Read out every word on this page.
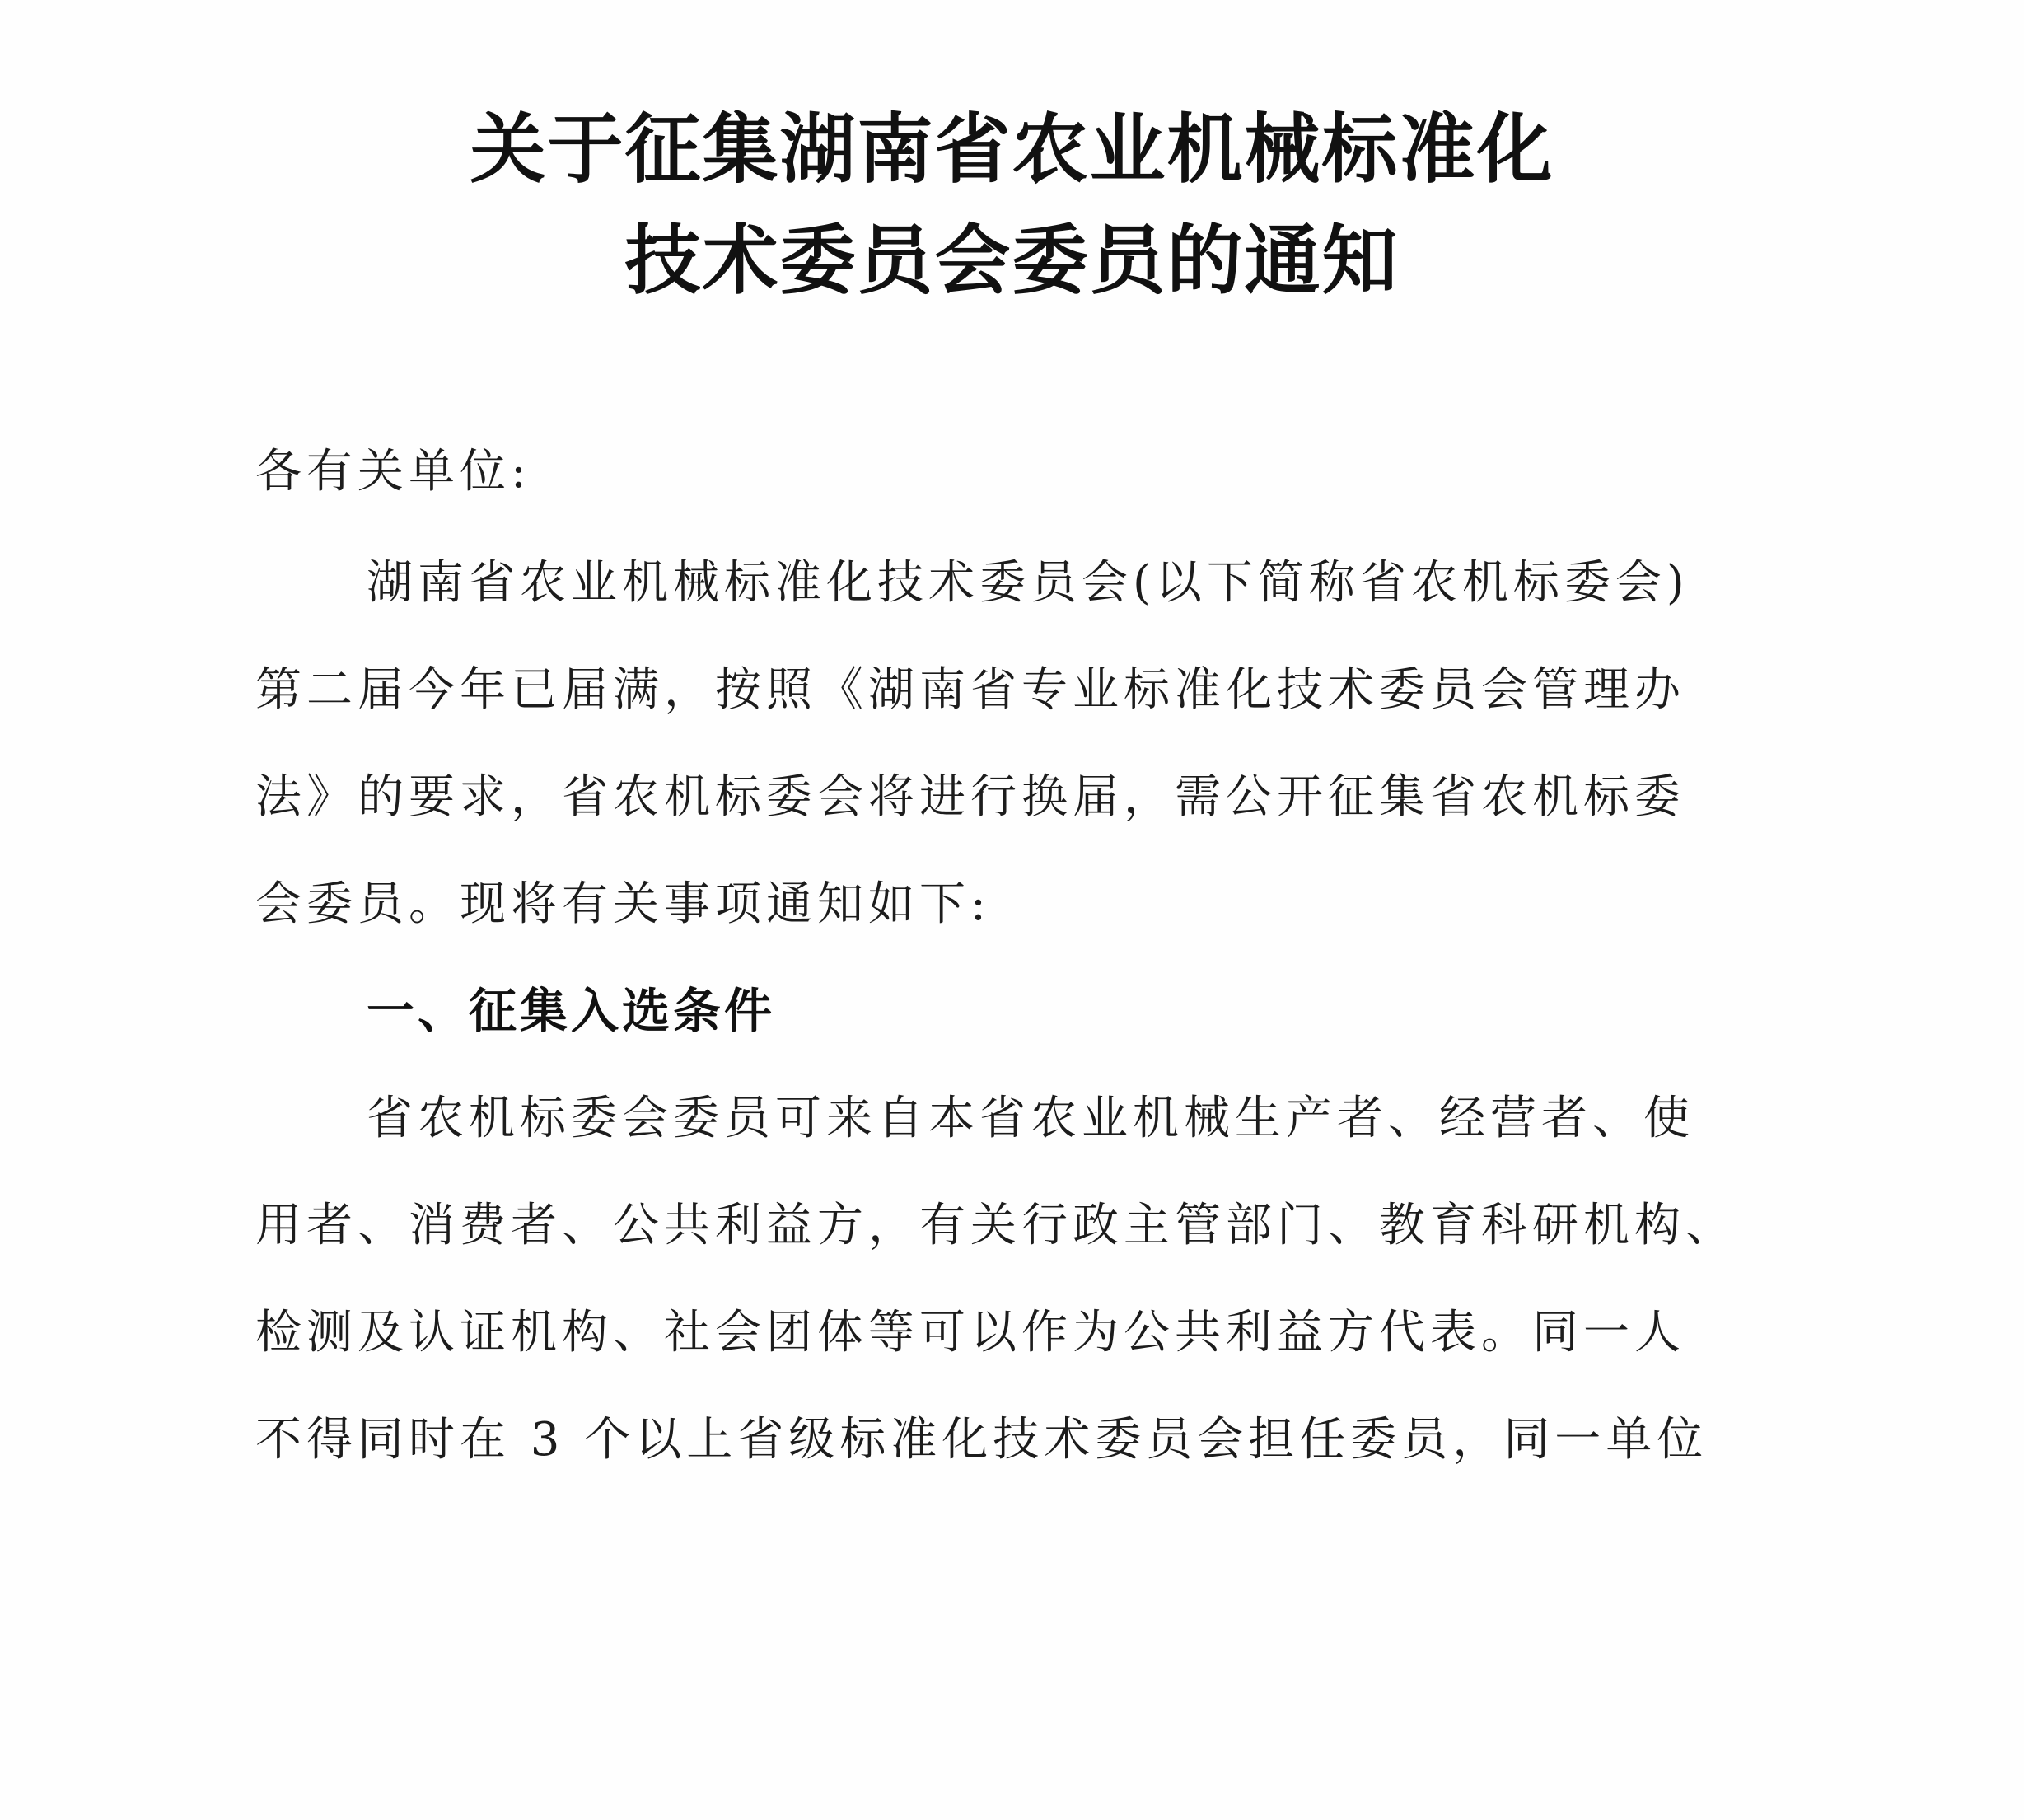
关于征集湖南省农业机械标准化
技术委员会委员的通知
各有关单位:
湖南省农业机械标准化技术委员会(以下简称省农机标委会)
第二届今年已届满，按照《湖南省专业标准化技术委员会管理办
法》的要求，省农机标委会将进行换届，需公开征集省农机标委
会委员。现将有关事项通知如下:
一、征集入选条件
省农机标委会委员可来自本省农业机械生产者、经营者、使
用者、消费者、公共利益方，有关行政主管部门、教育科研机构、
检测及认证机构、社会团体等可以作为公共利益方代表。同一人
不得同时在 3 个以上省级标准化技术委员会担任委员，同一单位
